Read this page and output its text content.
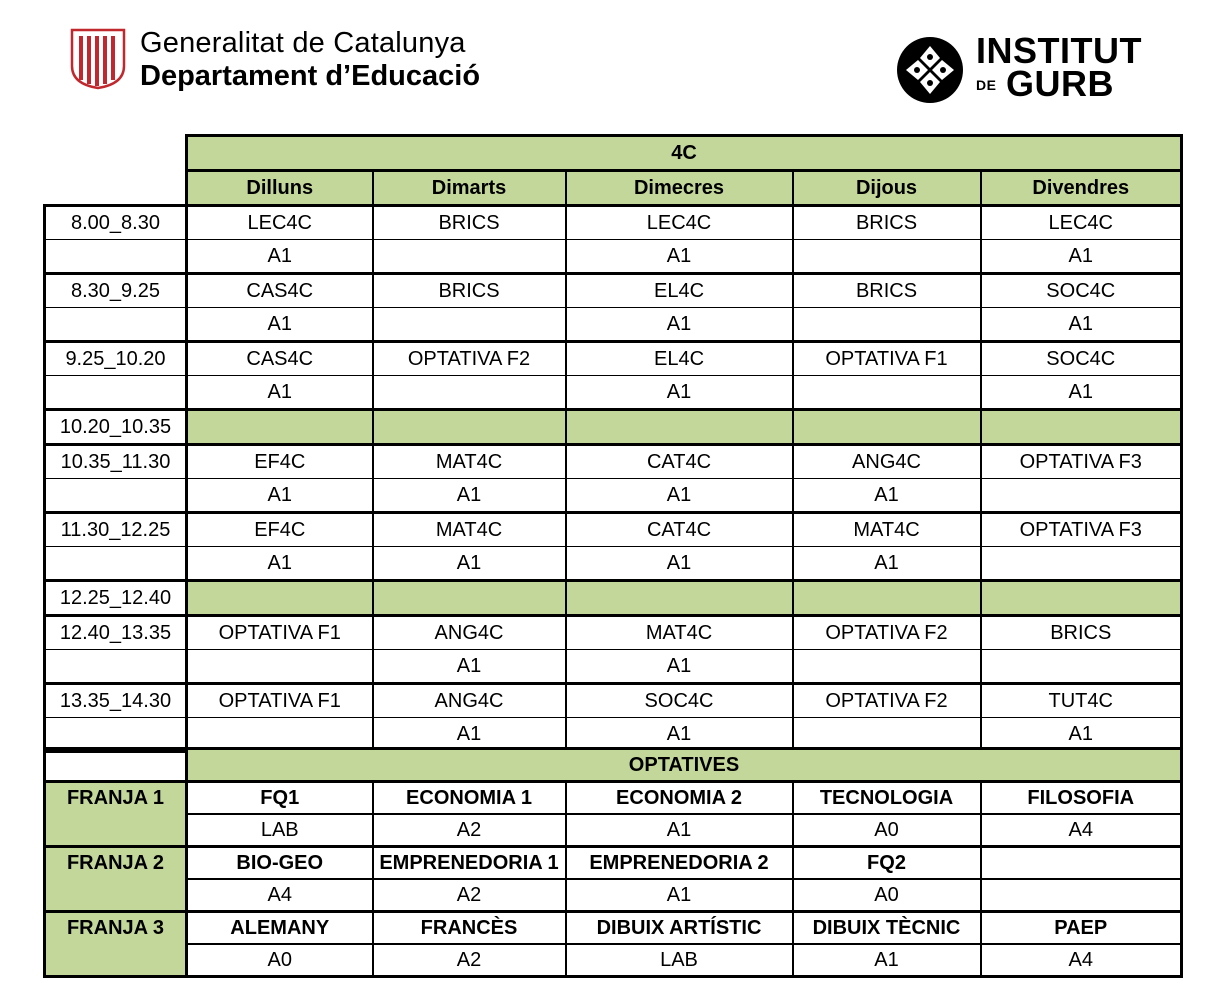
Generalitat de Catalunya
Departament d’Educació
INSTITUT
DE GURB
	4C				
	Dilluns	Dimarts	Dimecres	Dijous	Divendres
8.00_8.30	LEC4C	BRICS	LEC4C	BRICS	LEC4C
	A1		A1		A1
8.30_9.25	CAS4C	BRICS	EL4C	BRICS	SOC4C
	A1		A1		A1
9.25_10.20	CAS4C	OPTATIVA F2	EL4C	OPTATIVA F1	SOC4C
	A1		A1		A1
10.20_10.35					
10.35_11.30	EF4C	MAT4C	CAT4C	ANG4C	OPTATIVA F3
	A1	A1	A1	A1	
11.30_12.25	EF4C	MAT4C	CAT4C	MAT4C	OPTATIVA F3
	A1	A1	A1	A1	
12.25_12.40					
12.40_13.35	OPTATIVA F1	ANG4C	MAT4C	OPTATIVA F2	BRICS
		A1	A1		
13.35_14.30	OPTATIVA F1	ANG4C	SOC4C	OPTATIVA F2	TUT4C
		A1	A1		A1
	OPTATIVES				
FRANJA 1	FQ1	ECONOMIA 1	ECONOMIA 2	TECNOLOGIA	FILOSOFIA
	LAB	A2	A1	A0	A4
FRANJA 2	BIO-GEO	EMPRENEDORIA 1	EMPRENEDORIA 2	FQ2	
	A4	A2	A1	A0	
FRANJA 3	ALEMANY	FRANCÈS	DIBUIX ARTÍSTIC	DIBUIX TÈCNIC	PAEP
	A0	A2	LAB	A1	A4
